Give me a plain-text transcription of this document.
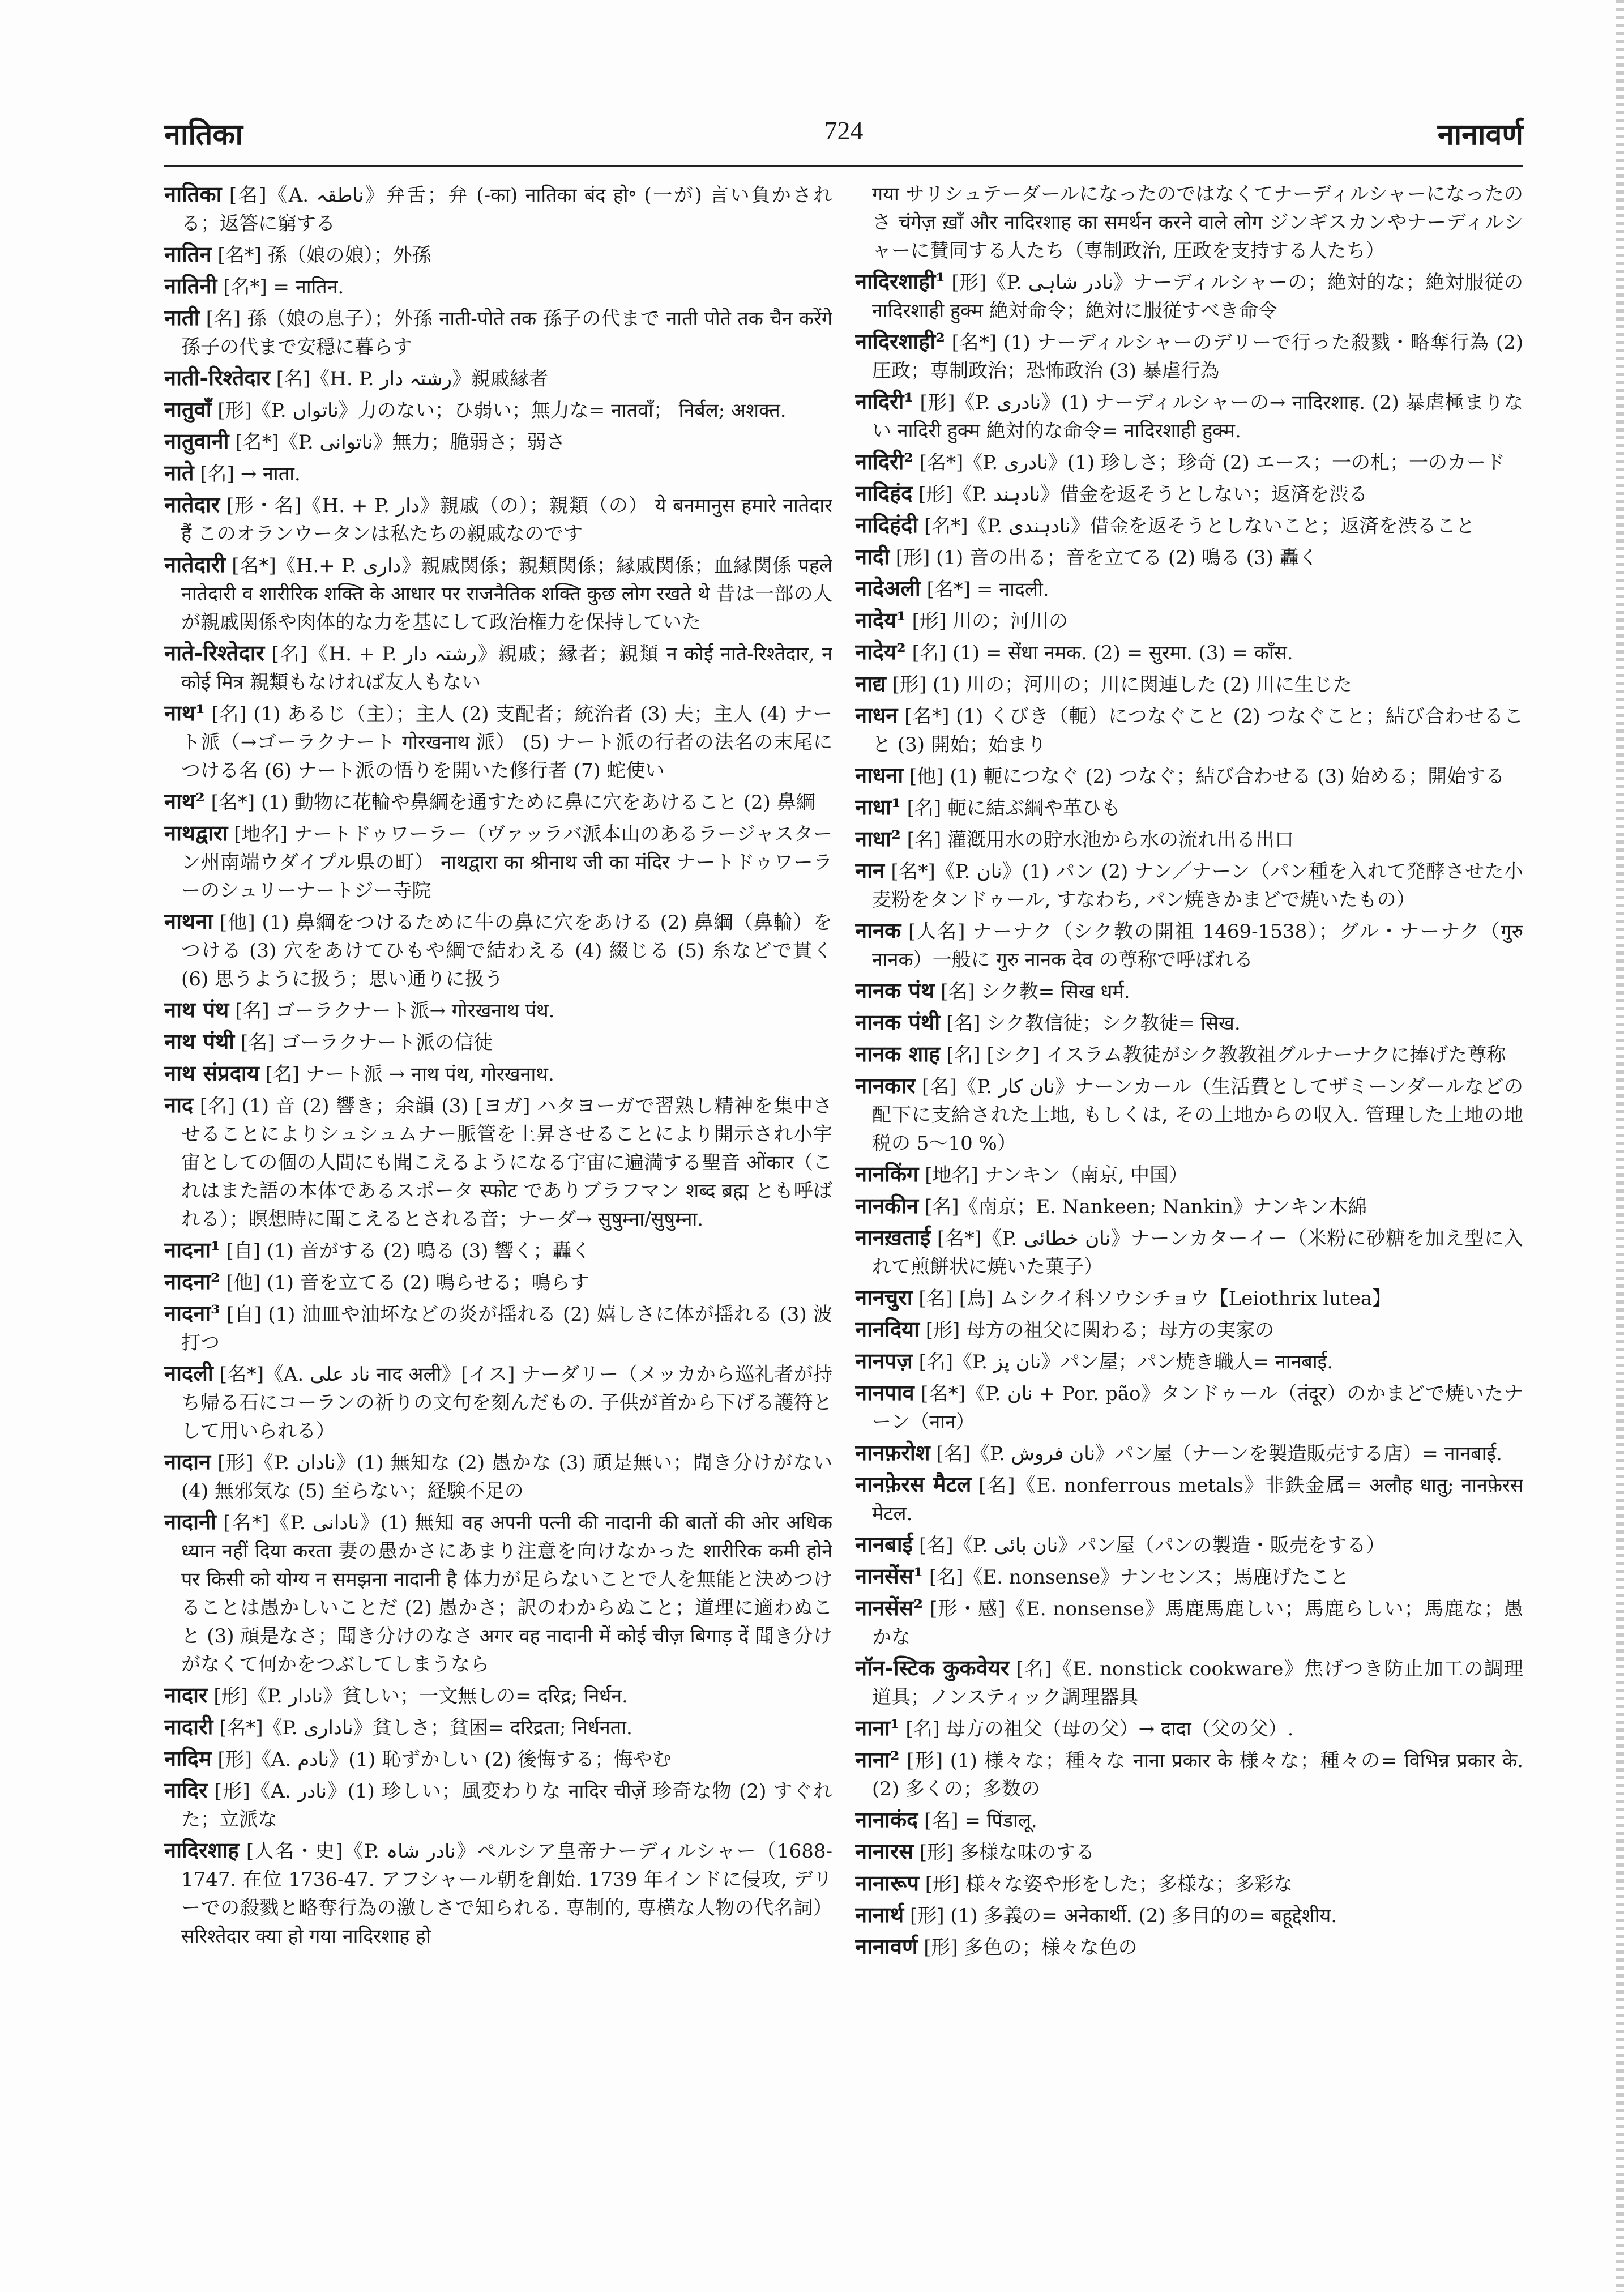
नातिका	724	नानावर्ण

नातिका [名]《A. ناطقہ》弁舌；弁 (-का) नातिका बंद हो॰ (一が) 言い負かされる；返答に窮する

नातिन [名*] 孫（娘の娘）；外孫

नातिनी [名*] = नातिन.

नाती [名] 孫（娘の息子）；外孫 नाती-पोते तक 孫子の代まで नाती पोते तक चैन करेंगे 孫子の代まで安穏に暮らす

नाती-रिश्तेदार [名]《H. P. رشتہ دار》親戚縁者

नातुवाँ [形]《P. ناتواں》力のない；ひ弱い；無力な= नातवाँ； निर्बल; अशक्त.

नातुवानी [名*]《P. ناتوانی》無力；脆弱さ；弱さ

नाते [名] → नाता.

नातेदार [形・名]《H. + P. دار》親戚（の）；親類（の） ये बनमानुस हमारे नातेदार हैं このオランウータンは私たちの親戚なのです

नातेदारी [名*]《H.+ P. داری》親戚関係；親類関係；縁戚関係；血縁関係 पहले नातेदारी व शारीरिक शक्ति के आधार पर राजनैतिक शक्ति कुछ लोग रखते थे 昔は一部の人が親戚関係や肉体的な力を基にして政治権力を保持していた

नाते-रिश्तेदार [名]《H. + P. رشتہ دار》親戚；縁者；親類 न कोई नाते-रिश्तेदार, न कोई मित्र 親類もなければ友人もない

नाथ¹ [名] (1) あるじ（主）；主人 (2) 支配者；統治者 (3) 夫；主人 (4) ナート派（→ゴーラクナート गोरखनाथ 派） (5) ナート派の行者の法名の末尾につける名 (6) ナート派の悟りを開いた修行者 (7) 蛇使い

नाथ² [名*] (1) 動物に花輪や鼻綱を通すために鼻に穴をあけること (2) 鼻綱

नाथद्वारा [地名] ナートドゥワーラー（ヴァッラバ派本山のあるラージャスターン州南端ウダイプル県の町） नाथद्वारा का श्रीनाथ जी का मंदिर ナートドゥワーラーのシュリーナートジー寺院

नाथना [他] (1) 鼻綱をつけるために牛の鼻に穴をあける (2) 鼻綱（鼻輪）をつける (3) 穴をあけてひもや綱で結わえる (4) 綴じる (5) 糸などで貫く (6) 思うように扱う；思い通りに扱う

नाथ पंथ [名] ゴーラクナート派→ गोरखनाथ पंथ.

नाथ पंथी [名] ゴーラクナート派の信徒

नाथ संप्रदाय [名] ナート派 → नाथ पंथ, गोरखनाथ.

नाद [名] (1) 音 (2) 響き；余韻 (3) [ヨガ] ハタヨーガで習熟し精神を集中させることによりシュシュムナー脈管を上昇させることにより開示され小宇宙としての個の人間にも聞こえるようになる宇宙に遍満する聖音 ओंकार（これはまた語の本体であるスポータ स्फोट でありブラフマン शब्द ब्रह्म とも呼ばれる）；瞑想時に聞こえるとされる音；ナーダ→ सुषुम्ना/सुषुम्ना.

नादना¹ [自] (1) 音がする (2) 鳴る (3) 響く；轟く

नादना² [他] (1) 音を立てる (2) 鳴らせる；鳴らす

नादना³ [自] (1) 油皿や油坏などの炎が揺れる (2) 嬉しさに体が揺れる (3) 波打つ

नादली [名*]《A. ناد علی नाद अली》[イス] ナーダリー（メッカから巡礼者が持ち帰る石にコーランの祈りの文句を刻んだもの. 子供が首から下げる護符として用いられる）

नादान [形]《P. نادان》(1) 無知な (2) 愚かな (3) 頑是無い；聞き分けがない (4) 無邪気な (5) 至らない；経験不足の

नादानी [名*]《P. نادانی》(1) 無知 वह अपनी पत्नी की नादानी की बातों की ओर अधिक ध्यान नहीं दिया करता 妻の愚かさにあまり注意を向けなかった शारीरिक कमी होने पर किसी को योग्य न समझना नादानी है 体力が足らないことで人を無能と決めつけることは愚かしいことだ (2) 愚かさ；訳のわからぬこと；道理に適わぬこと (3) 頑是なさ；聞き分けのなさ अगर वह नादानी में कोई चीज़ बिगाड़ दें 聞き分けがなくて何かをつぶしてしまうなら

नादार [形]《P. نادار》貧しい；一文無しの= दरिद्र; निर्धन.

नादारी [名*]《P. ناداری》貧しさ；貧困= दरिद्रता; निर्धनता.

नादिम [形]《A. نادم》(1) 恥ずかしい (2) 後悔する；悔やむ

नादिर [形]《A. نادر》(1) 珍しい；風変わりな नादिर चीज़ें 珍奇な物 (2) すぐれた；立派な

नादिरशाह [人名・史]《P. نادر شاہ》ペルシア皇帝ナーディルシャー（1688-1747. 在位 1736-47. アフシャール朝を創始. 1739 年インドに侵攻, デリーでの殺戮と略奪行為の激しさで知られる. 専制的, 専横な人物の代名詞） सरिश्तेदार क्या हो गया नादिरशाह हो

गया サリシュテーダールになったのではなくてナーディルシャーになったのさ चंगेज़ ख़ाँ और नादिरशाह का समर्थन करने वाले लोग ジンギスカンやナーディルシャーに賛同する人たち（専制政治, 圧政を支持する人たち）

नादिरशाही¹ [形]《P. نادر شاہی》ナーディルシャーの；絶対的な；絶対服従の नादिरशाही हुक्म 絶対命令；絶対に服従すべき命令

नादिरशाही² [名*] (1) ナーディルシャーのデリーで行った殺戮・略奪行為 (2) 圧政；専制政治；恐怖政治 (3) 暴虐行為

नादिरी¹ [形]《P. نادری》(1) ナーディルシャーの→ नादिरशाह. (2) 暴虐極まりない नादिरी हुक्म 絶対的な命令= नादिरशाही हुक्म.

नादिरी² [名*]《P. نادری》(1) 珍しさ；珍奇 (2) エース；一の札；一のカード

नादिहंद [形]《P. نادہند》借金を返そうとしない；返済を渋る

नादिहंदी [名*]《P. نادہندی》借金を返そうとしないこと；返済を渋ること

नादी [形] (1) 音の出る；音を立てる (2) 鳴る (3) 轟く

नादेअली [名*] = नादली.

नादेय¹ [形] 川の；河川の

नादेय² [名] (1) = सेंधा नमक. (2) = सुरमा. (3) = काँस.

नाद्य [形] (1) 川の；河川の；川に関連した (2) 川に生じた

नाधन [名*] (1) くびき（軛）につなぐこと (2) つなぐこと；結び合わせること (3) 開始；始まり

नाधना [他] (1) 軛につなぐ (2) つなぐ；結び合わせる (3) 始める；開始する

नाधा¹ [名] 軛に結ぶ綱や革ひも

नाधा² [名] 灌漑用水の貯水池から水の流れ出る出口

नान [名*]《P. نان》(1) パン (2) ナン／ナーン（パン種を入れて発酵させた小麦粉をタンドゥール, すなわち, パン焼きかまどで焼いたもの）

नानक [人名] ナーナク（シク教の開祖 1469-1538）；グル・ナーナク（गुरु नानक）一般に गुरु नानक देव の尊称で呼ばれる

नानक पंथ [名] シク教= सिख धर्म.

नानक पंथी [名] シク教信徒；シク教徒= सिख.

नानक शाह [名] [シク] イスラム教徒がシク教教祖グルナーナクに捧げた尊称

नानकार [名]《P. نان کار》ナーンカール（生活費としてザミーンダールなどの配下に支給された土地, もしくは, その土地からの収入. 管理した土地の地税の 5～10 %）

नानकिंग [地名] ナンキン（南京, 中国）

नानकीन [名]《南京；E. Nankeen; Nankin》ナンキン木綿

नानख़ताई [名*]《P. نان خطائی》ナーンカターイー（米粉に砂糖を加え型に入れて煎餅状に焼いた菓子）

नानचुरा [名] [鳥] ムシクイ科ソウシチョウ【Leiothrix lutea】

नानदिया [形] 母方の祖父に関わる；母方の実家の

नानपज़ [名]《P. نان پز》パン屋；パン焼き職人= नानबाई.

नानपाव [名*]《P. نان + Por. pão》タンドゥール（तंदूर）のかまどで焼いたナーン（नान）

नानफ़रोश [名]《P. نان فروش》パン屋（ナーンを製造販売する店）= नानबाई.

नानफ़ेरस मैटल [名]《E. nonferrous metals》非鉄金属= अलौह धातु; नानफ़ेरस मेटल.

नानबाई [名]《P. نان بائی》パン屋（パンの製造・販売をする）

नानसेंस¹ [名]《E. nonsense》ナンセンス；馬鹿げたこと

नानसेंस² [形・感]《E. nonsense》馬鹿馬鹿しい；馬鹿らしい；馬鹿な；愚かな

नॉन-स्टिक कुकवेयर [名]《E. nonstick cookware》焦げつき防止加工の調理道具；ノンスティック調理器具

नाना¹ [名] 母方の祖父（母の父）→ दादा（父の父）.

नाना² [形] (1) 様々な；種々な नाना प्रकार के 様々な；種々の= विभिन्न प्रकार के. (2) 多くの；多数の

नानाकंद [名] = पिंडालू.

नानारस [形] 多様な味のする

नानारूप [形] 様々な姿や形をした；多様な；多彩な

नानार्थ [形] (1) 多義の= अनेकार्थी. (2) 多目的の= बहूद्देशीय.

नानावर्ण [形] 多色の；様々な色の
